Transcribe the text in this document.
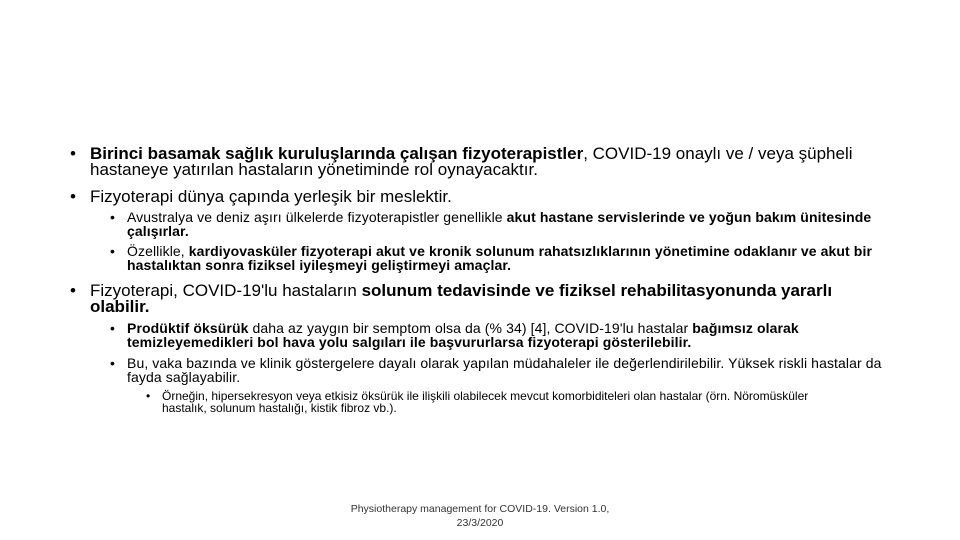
• Birinci basamak sağlık kuruluşlarında çalışan fizyoterapistler, COVID-19 onaylı ve / veya şüpheli hastaneye yatırılan hastaların yönetiminde rol oynayacaktır.
• Fizyoterapi dünya çapında yerleşik bir meslektir.
• Avustralya ve deniz aşırı ülkelerde fizyoterapistler genellikle akut hastane servislerinde ve yoğun bakım ünitesinde çalışırlar.
• Özellikle, kardiyovasküler fizyoterapi akut ve kronik solunum rahatsızlıklarının yönetimine odaklanır ve akut bir hastalıktan sonra fiziksel iyileşmeyi geliştirmeyi amaçlar.
• Fizyoterapi, COVID-19'lu hastaların solunum tedavisinde ve fiziksel rehabilitasyonunda yararlı olabilir.
• Prodüktif öksürük daha az yaygın bir semptom olsa da (% 34) [4], COVID-19'lu hastalar bağımsız olarak temizleyemedikleri bol hava yolu salgıları ile başvururlarsa fizyoterapi gösterilebilir.
• Bu, vaka bazında ve klinik göstergelere dayalı olarak yapılan müdahaleler ile değerlendirilebilir. Yüksek riskli hastalar da fayda sağlayabilir.
• Örneğin, hipersekresyon veya etkisiz öksürük ile ilişkili olabilecek mevcut komorbiditeleri olan hastalar (örn. Nöromüsküler hastalık, solunum hastalığı, kistik fibroz vb.).
Physiotherapy management for COVID-19. Version 1.0,
23/3/2020
